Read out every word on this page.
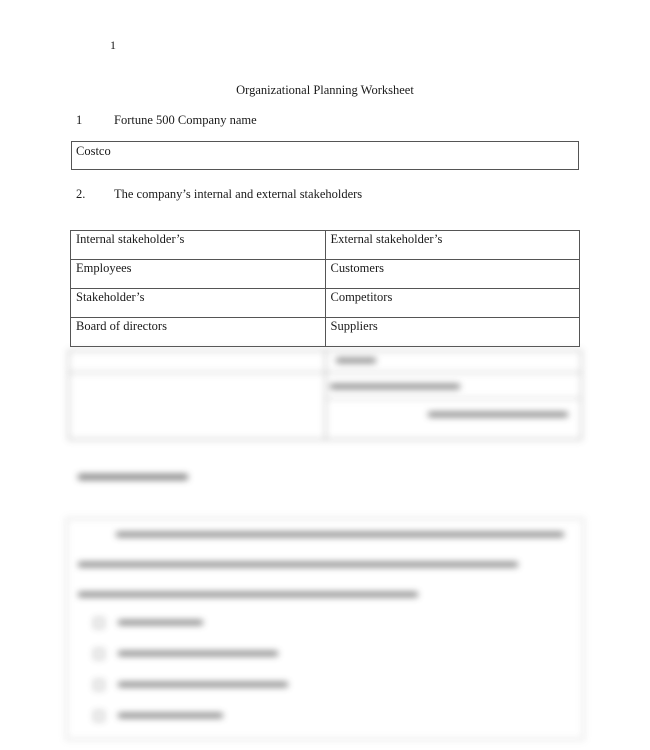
1
Organizational Planning Worksheet
1	Fortune 500 Company name
Costco
2. The company’s internal and external stakeholders
Internal stakeholder’s	External stakeholder’s
Employees	Customers
Stakeholder’s	Competitors
Board of directors	Suppliers
